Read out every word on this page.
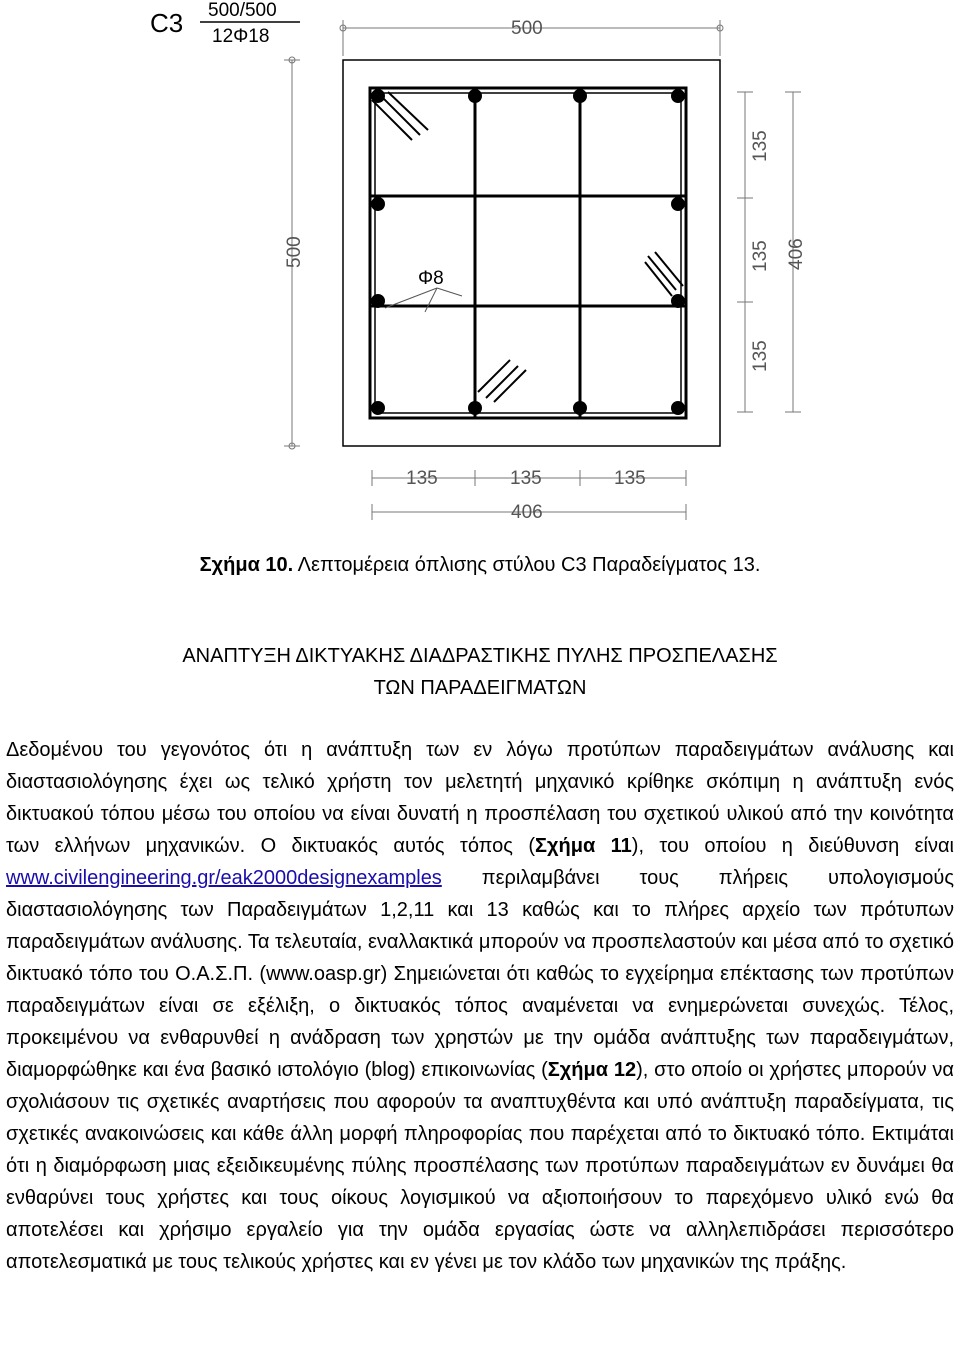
C3 500/500
12Φ18	500
500
Φ8
135
135
135
406
135	135	135
406
Σχήμα 10. Λεπτομέρεια όπλισης στύλου C3 Παραδείγματος 13.
ΑΝΑΠΤΥΞΗ ΔΙΚΤΥΑΚΗΣ ΔΙΑΔΡΑΣΤΙΚΗΣ ΠΥΛΗΣ ΠΡΟΣΠΕΛΑΣΗΣ
ΤΩΝ ΠΑΡΑΔΕΙΓΜΑΤΩΝ

Δεδομένου του γεγονότος ότι η ανάπτυξη των εν λόγω προτύπων παραδειγμάτων ανάλυσης και διαστασιολόγησης έχει ως τελικό χρήστη τον μελετητή μηχανικό κρίθηκε σκόπιμη η ανάπτυξη ενός δικτυακού τόπου μέσω του οποίου να είναι δυνατή η προσπέλαση του σχετικού υλικού από την κοινότητα των ελλήνων μηχανικών. Ο δικτυακός αυτός τόπος (Σχήμα 11), του οποίου η διεύθυνση είναι www.civilengineering.gr/eak2000designexamples περιλαμβάνει τους πλήρεις υπολογισμούς διαστασιολόγησης των Παραδειγμάτων 1,2,11 και 13 καθώς και το πλήρες αρχείο των πρότυπων παραδειγμάτων ανάλυσης. Τα τελευταία, εναλλακτικά μπορούν να προσπελαστούν και μέσα από το σχετικό δικτυακό τόπο του Ο.Α.Σ.Π. (www.oasp.gr) Σημειώνεται ότι καθώς το εγχείρημα επέκτασης των προτύπων παραδειγμάτων είναι σε εξέλιξη, ο δικτυακός τόπος αναμένεται να ενημερώνεται συνεχώς. Τέλος, προκειμένου να ενθαρυνθεί η ανάδραση των χρηστών με την ομάδα ανάπτυξης των παραδειγμάτων, διαμορφώθηκε και ένα βασικό ιστολόγιο (blog) επικοινωνίας (Σχήμα 12), στο οποίο οι χρήστες μπορούν να σχολιάσουν τις σχετικές αναρτήσεις που αφορούν τα αναπτυχθέντα και υπό ανάπτυξη παραδείγματα, τις σχετικές ανακοινώσεις και κάθε άλλη μορφή πληροφορίας που παρέχεται από το δικτυακό τόπο. Εκτιμάται ότι η διαμόρφωση μιας εξειδικευμένης πύλης προσπέλασης των προτύπων παραδειγμάτων εν δυνάμει θα ενθαρύνει τους χρήστες και τους οίκους λογισμικού να αξιοποιήσουν το παρεχόμενο υλικό ενώ θα αποτελέσει και χρήσιμο εργαλείο για την ομάδα εργασίας ώστε να αλληλεπιδράσει περισσότερο αποτελεσματικά με τους τελικούς χρήστες και εν γένει με τον κλάδο των μηχανικών της πράξης.
